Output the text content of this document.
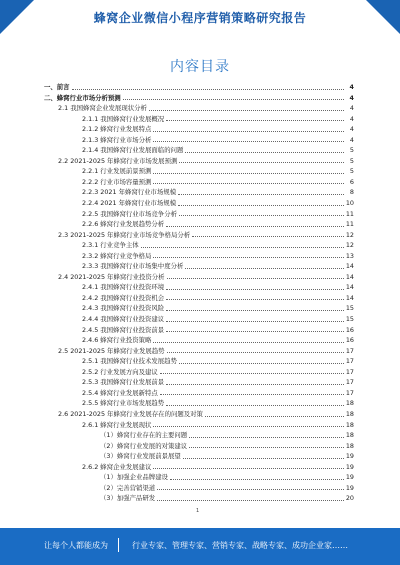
蜂窝企业微信小程序营销策略研究报告
内容目录
一、前言	4
二、蜂窝行业市场分析预测	4
2.1 我国蜂窝企业发展现状分析	4
2.1.1 我国蜂窝行业发展概况	4
2.1.2 蜂窝行业发展特点	4
2.1.3 蜂窝行业市场分析	4
2.1.4 我国蜂窝行业发展面临的问题	5
2.2 2021-2025 年蜂窝行业市场发展预测	5
2.2.1 行业发展前景预测	5
2.2.2 行业市场容量预测	6
2.2.3 2021 年蜂窝行业市场规模	8
2.2.4 2021 年蜂窝行业市场规模	10
2.2.5 我国蜂窝行业市场竞争分析	11
2.2.6 蜂窝行业发展趋势分析	11
2.3 2021-2025 年蜂窝行业市场竞争格局分析	12
2.3.1 行业竞争主体	12
2.3.2 蜂窝行业竞争格局	13
2.3.3 我国蜂窝行业市场集中度分析	14
2.4 2021-2025 年蜂窝行业投资分析	14
2.4.1 我国蜂窝行业投资环境	14
2.4.2 我国蜂窝行业投资机会	14
2.4.3 我国蜂窝行业投资风险	15
2.4.4 我国蜂窝行业投资建议	15
2.4.5 我国蜂窝行业投资前景	16
2.4.6 蜂窝行业投资策略	16
2.5 2021-2025 年蜂窝行业发展趋势	17
2.5.1 我国蜂窝行业技术发展趋势	17
2.5.2 行业发展方向及建议	17
2.5.3 我国蜂窝行业发展前景	17
2.5.4 蜂窝行业发展新特点	17
2.5.5 蜂窝行业市场发展趋势	18
2.6 2021-2025 年蜂窝行业发展存在的问题及对策	18
2.6.1 蜂窝行业发展现状	18
（1）蜂窝行业存在的主要问题	18
（2）蜂窝行业发展的对策建议	18
（3）蜂窝行业发展前景展望	19
2.6.2 蜂窝企业发展建议	19
（1）加强企业品牌建设	19
（2）完善营销渠道	19
（3）加强产品研发	20
1
让每个人都能成为	行业专家、管理专家、营销专家、战略专家、成功企业家……
